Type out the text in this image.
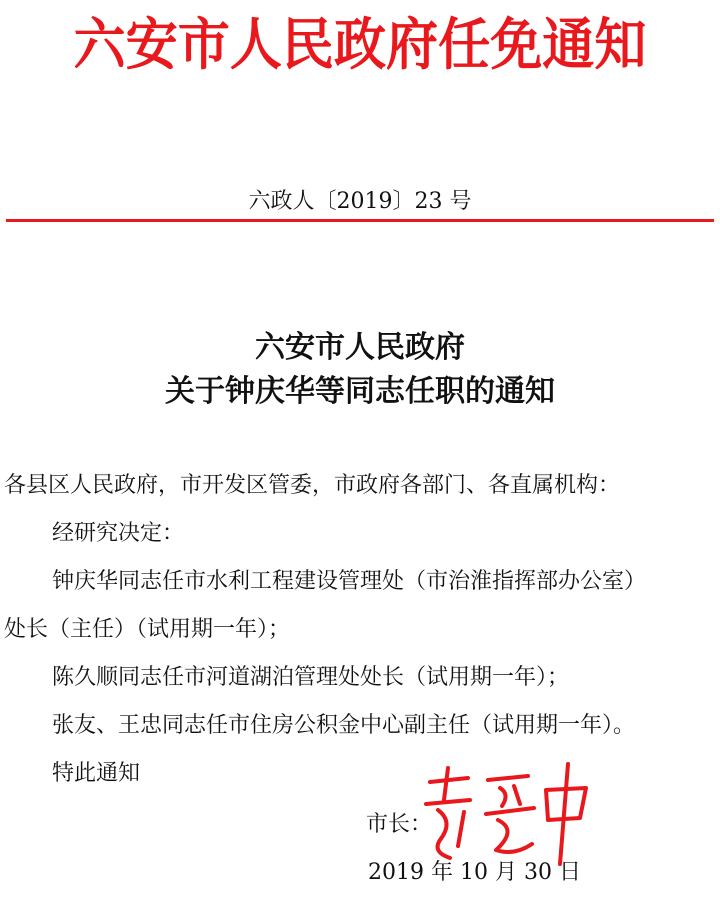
六安市人民政府任免通知
六政人〔2019〕23 号
六安市人民政府
关于钟庆华等同志任职的通知
各县区人民政府，市开发区管委，市政府各部门、各直属机构：
经研究决定：
钟庆华同志任市水利工程建设管理处（市治淮指挥部办公室）
处长（主任）（试用期一年）；
陈久顺同志任市河道湖泊管理处处长（试用期一年）；
张友、王忠同志任市住房公积金中心副主任（试用期一年）。
特此通知
市长：
2019 年 10 月 30 日
